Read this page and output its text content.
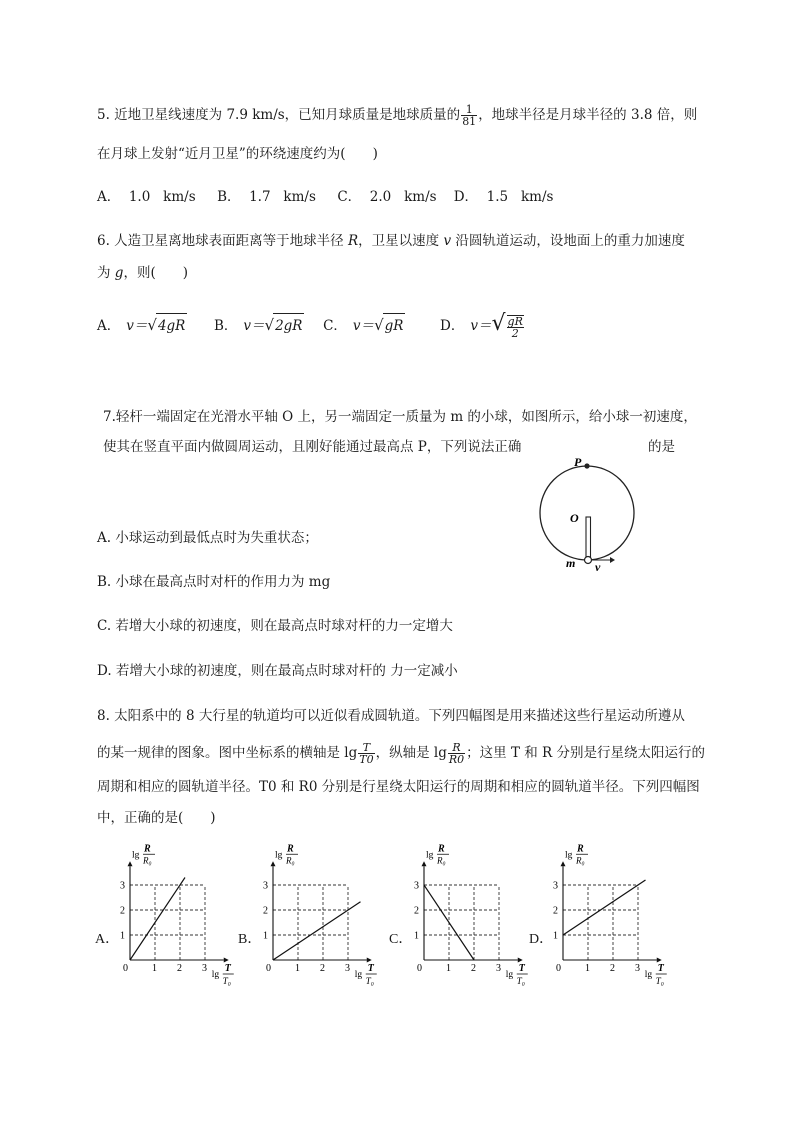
5. 近地卫星线速度为 7.9 km/s，已知月球质量是地球质量的 $\frac{1}{81}$ ，地球半径是月球半径的 3.8 倍，则
在月球上发射“近月卫星”的环绕速度约为(　　)
A．  1.0   km/s     B．  1.7   km/s     C．  2.0   km/s    D．  1.5   km/s
6. 人造卫星离地球表面距离等于地球半径 R，卫星以速度 v 沿圆轨道运动，设地面上的重力加速度
为 g，则(　　)
A． v＝√4gR B． v＝√2gR C． v＝√gR	D． $v=√ \frac{gR}{2}$
7.轻杆一端固定在光滑水平轴 O 上，另一端固定一质量为 m 的小球，如图所示，给小球一初速度，
使其在竖直平面内做圆周运动，且刚好能通过最高点 P，下列说法正确	的是
P
O
m v
A. 小球运动到最低点时为失重状态；
B. 小球在最高点时对杆的作用力为 mg
C. 若增大小球的初速度，则在最高点时球对杆的力一定增大
D. 若增大小球的初速度，则在最高点时球对杆的 力一定减小
8. 太阳系中的 8 大行星的轨道均可以近似看成圆轨道。下列四幅图是用来描述这些行星运动所遵从
的某一规律的图象。图中坐标系的横轴是 $\lg \frac{T}{T0}$ ，纵轴是 $\lg \frac{R}{R0}$ ；这里 T 和 R 分别是行星绕太阳运行的
周期和相应的圆轨道半径。T0 和 R0 分别是行星绕太阳运行的周期和相应的圆轨道半径。下列四幅图
中，正确的是(　　)
A．
0 1
1
2
2
3
3
lg
R
R₀
lg
T
T₀
B．
0 1
1
2
2
3
3
lg
R
R₀
lg
T
T₀
C．
0 1
1
2
2
3
3
lg
R
R₀
lg
T
T₀
D．
0 1
1
2
2
3
3
lg
R
R₀
lg
T
T₀
